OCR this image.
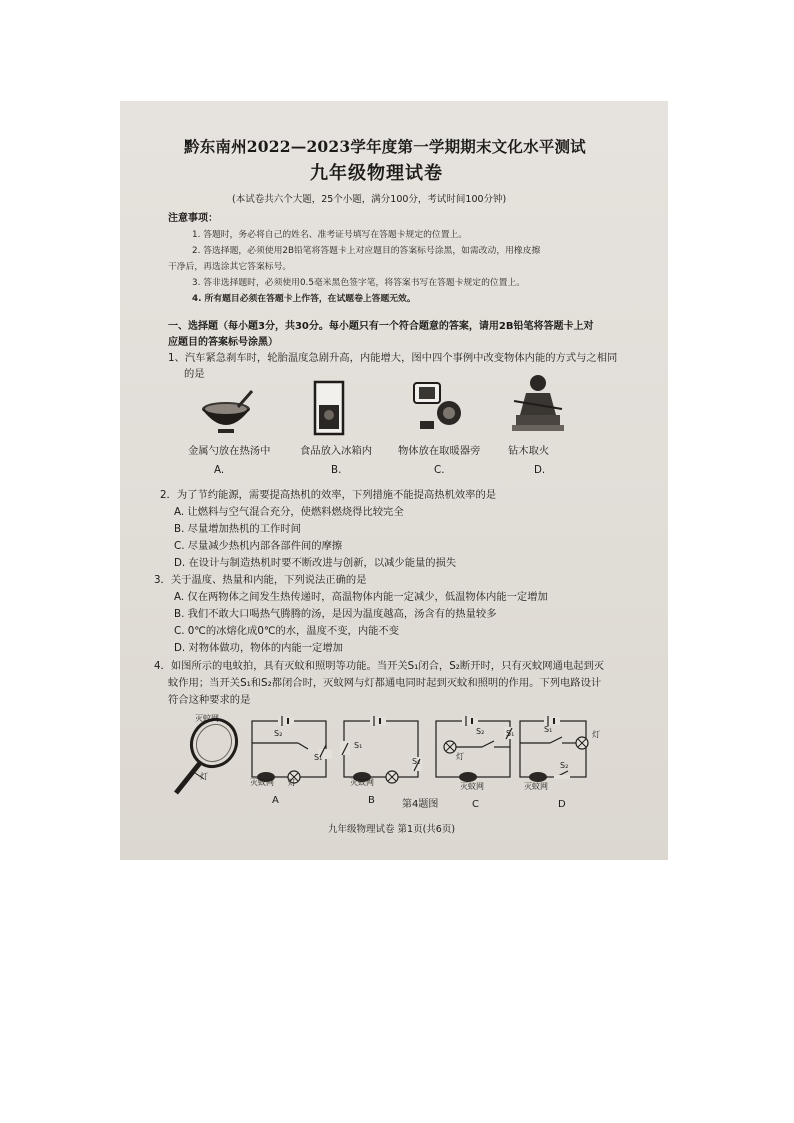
黔东南州2022—2023学年度第一学期期末文化水平测试
九年级物理试卷
(本试卷共六个大题，25个小题，满分100分，考试时间100分钟)
注意事项：
1. 答题时，务必将自己的姓名、准考证号填写在答题卡规定的位置上。
2. 答选择题，必须使用2B铅笔将答题卡上对应题目的答案标号涂黑，如需改动，用橡皮擦
干净后，再选涂其它答案标号。
3. 答非选择题时，必须使用0.5毫米黑色签字笔，将答案书写在答题卡规定的位置上。
4. 所有题目必须在答题卡上作答，在试题卷上答题无效。
一、选择题（每小题3分，共30分。每小题只有一个符合题意的答案，请用2B铅笔将答题卡上对
应题目的答案标号涂黑）
1、汽车紧急刹车时，轮胎温度急剧升高，内能增大，图中四个事例中改变物体内能的方式与之相同
的是
金属勺放在热汤中	食品放入冰箱内	物体放在取暖器旁	钻木取火
A.	B.	C.	D.
2．为了节约能源，需要提高热机的效率，下列措施不能提高热机效率的是
A. 让燃料与空气混合充分，使燃料燃烧得比较完全
B. 尽量增加热机的工作时间
C. 尽量减少热机内部各部件间的摩擦
D. 在设计与制造热机时要不断改进与创新，以减少能量的损失
3．关于温度、热量和内能，下列说法正确的是
A. 仅在两物体之间发生热传递时，高温物体内能一定减少，低温物体内能一定增加
B. 我们不敢大口喝热气腾腾的汤，是因为温度越高，汤含有的热量较多
C. 0℃的冰熔化成0℃的水，温度不变，内能不变
D. 对物体做功，物体的内能一定增加
4．如图所示的电蚊拍，具有灭蚊和照明等功能。当开关S₁闭合，S₂断开时，只有灭蚊网通电起到灭
蚊作用；当开关S₁和S₂都闭合时，灭蚊网与灯都通电同时起到灭蚊和照明的作用。下列电路设计
符合这种要求的是
灭蚊网
灯
S₂
S₁
灭蚊网 灯
S₁
S₂
灭蚊网
S₂	S₁
灯
灭蚊网
S₁
灯
S₂
灭蚊网
A	B	第4题图	C	D
九年级物理试卷 第1页(共6页)
